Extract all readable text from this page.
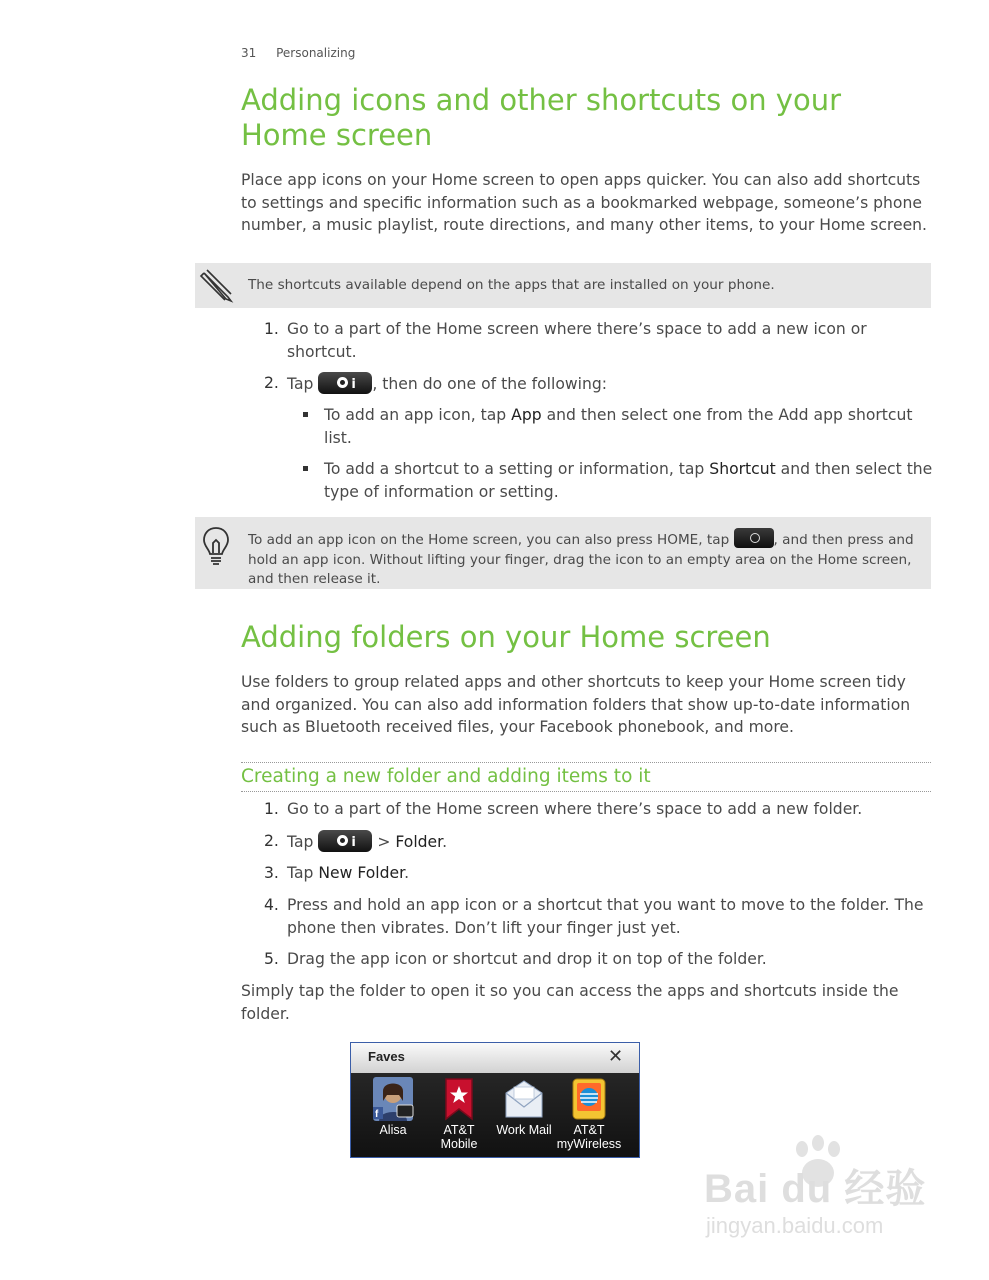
31 Personalizing
Adding icons and other shortcuts on your
Home screen
Place app icons on your Home screen to open apps quicker. You can also add shortcuts to settings and specific information such as a bookmarked webpage, someone’s phone number, a music playlist, route directions, and many other items, to your Home screen.
The shortcuts available depend on the apps that are installed on your phone.
1. Go to a part of the Home screen where there’s space to add a new icon or shortcut.
2. Tap	i , then do one of the following:
To add an app icon, tap App and then select one from the Add app shortcut list.
To add a shortcut to a setting or information, tap Shortcut and then select the type of information or setting.
To add an app icon on the Home screen, you can also press HOME, tap	, and then press and hold an app icon. Without lifting your finger, drag the icon to an empty area on the Home screen, and then release it.
Adding folders on your Home screen
Use folders to group related apps and other shortcuts to keep your Home screen tidy and organized. You can also add information folders that show up-to-date information such as Bluetooth received files, your Facebook phonebook, and more.
Creating a new folder and adding items to it
1. Go to a part of the Home screen where there’s space to add a new folder.
2. Tap	i > Folder.
3. Tap New Folder.
4. Press and hold an app icon or a shortcut that you want to move to the folder. The phone then vibrates. Don’t lift your finger just yet.
5. Drag the app icon or shortcut and drop it on top of the folder.
Simply tap the folder to open it so you can access the apps and shortcuts inside the folder.
Faves	✕
f
Alisa	AT&T
Mobile
Work Mail	AT&T
myWireless
Bai du 经验
jingyan.baidu.com
